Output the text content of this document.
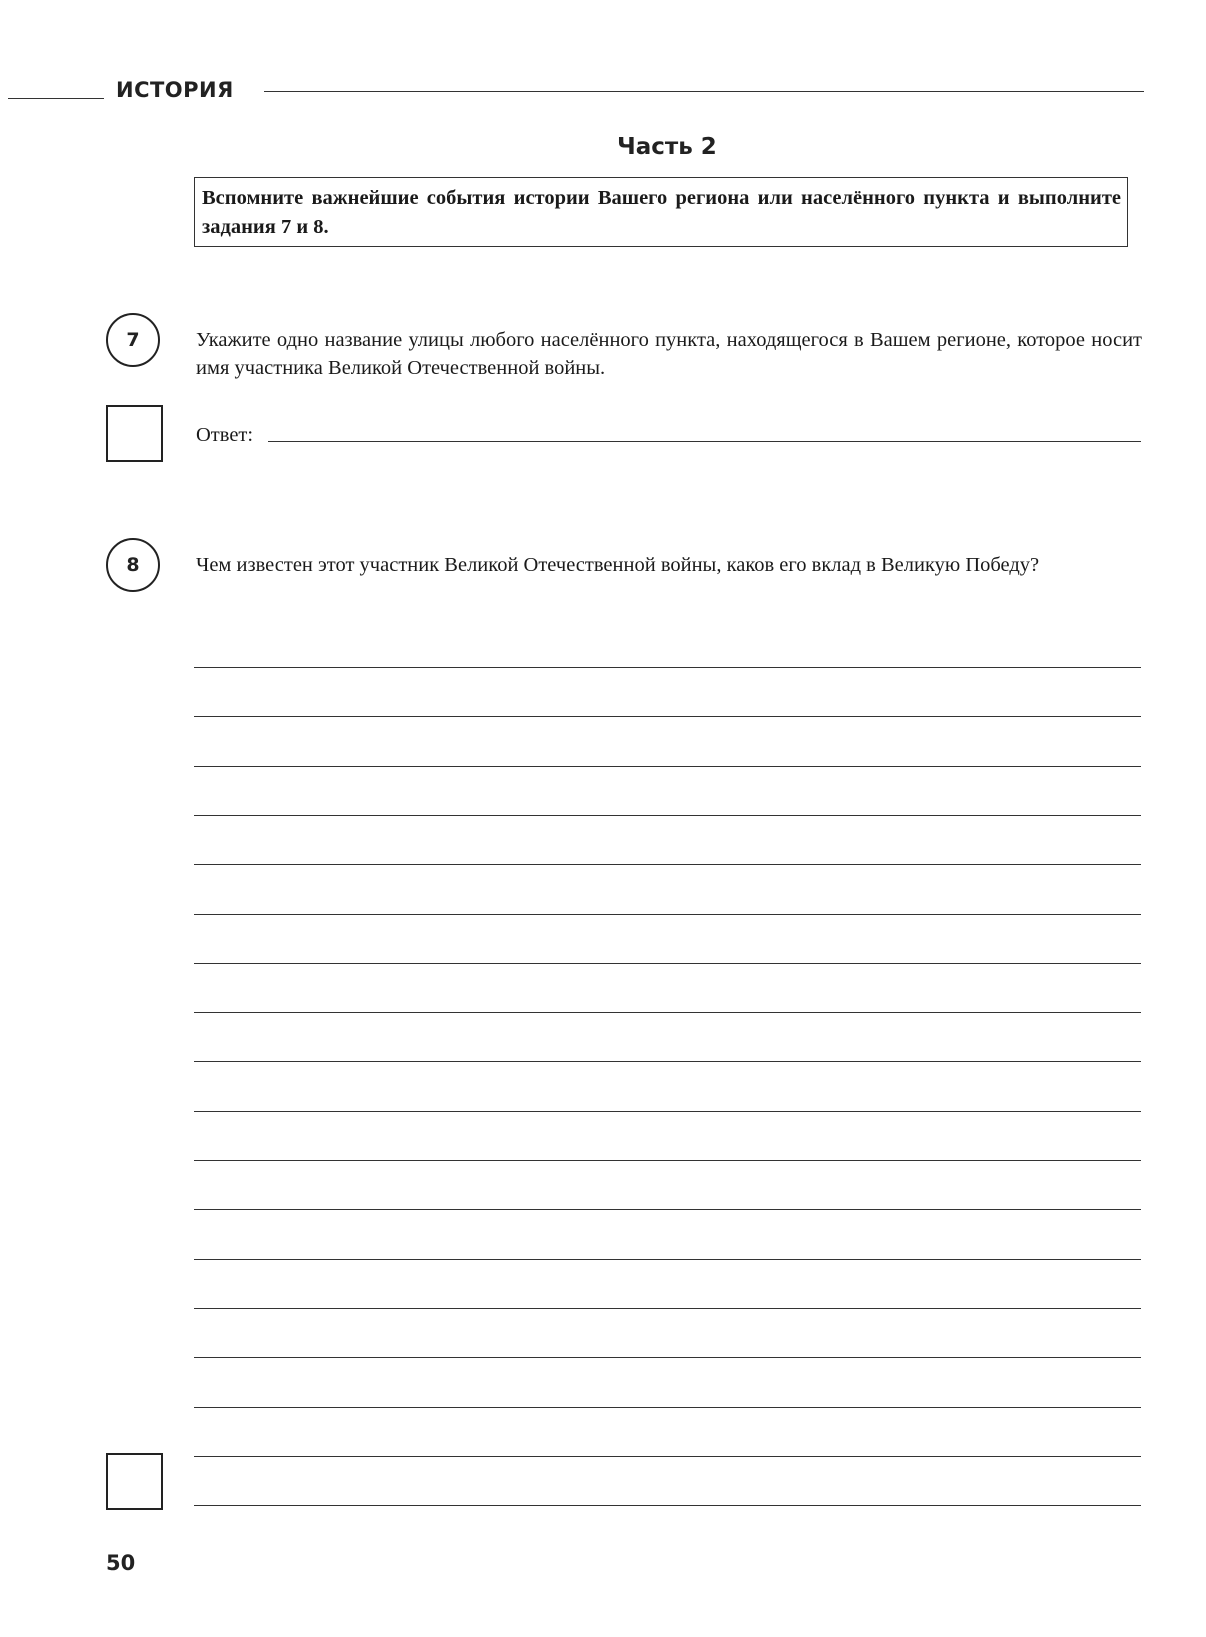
ИСТОРИЯ
Часть 2
Вспомните важнейшие события истории Вашего региона или населённого пункта и выполните задания 7 и 8.
7	Укажите одно название улицы любого населённого пункта, находящегося в Вашем регионе, которое носит имя участника Великой Отечественной войны.
Ответ:
8	Чем известен этот участник Великой Отечественной войны, каков его вклад в Великую Победу?
50
